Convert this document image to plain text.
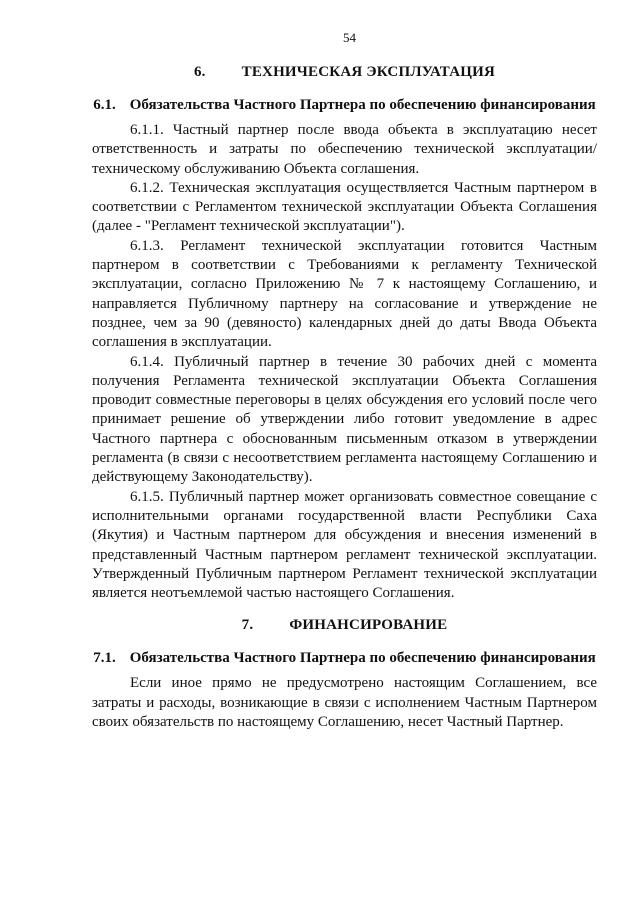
54
6. ТЕХНИЧЕСКАЯ ЭКСПЛУАТАЦИЯ
6.1. Обязательства Частного Партнера по обеспечению финансирования

6.1.1. Частный партнер после ввода объекта в эксплуатацию несет ответственность и затраты по обеспечению технической эксплуатации/техническому обслуживанию Объекта соглашения.

6.1.2. Техническая эксплуатация осуществляется Частным партнером в соответствии с Регламентом технической эксплуатации Объекта Соглашения (далее - "Регламент технической эксплуатации").

6.1.3. Регламент технической эксплуатации готовится Частным партнером в соответствии с Требованиями к регламенту Технической эксплуатации, согласно Приложению № 7 к настоящему Соглашению, и направляется Публичному партнеру на согласование и утверждение не позднее, чем за 90 (девяносто) календарных дней до даты Ввода Объекта соглашения в эксплуатации.

6.1.4. Публичный партнер в течение 30 рабочих дней с момента получения Регламента технической эксплуатации Объекта Соглашения проводит совместные переговоры в целях обсуждения его условий после чего принимает решение об утверждении либо готовит уведомление в адрес Частного партнера с обоснованным письменным отказом в утверждении регламента (в связи с несоответствием регламента настоящему Соглашению и действующему Законодательству).

6.1.5. Публичный партнер может организовать совместное совещание с исполнительными органами государственной власти Республики Саха (Якутия) и Частным партнером для обсуждения и внесения изменений в представленный Частным партнером регламент технической эксплуатации. Утвержденный Публичным партнером Регламент технической эксплуатации является неотъемлемой частью настоящего Соглашения.

7. ФИНАНСИРОВАНИЕ
7.1. Обязательства Частного Партнера по обеспечению финансирования

Если иное прямо не предусмотрено настоящим Соглашением, все затраты и расходы, возникающие в связи с исполнением Частным Партнером своих обязательств по настоящему Соглашению, несет Частный Партнер.
